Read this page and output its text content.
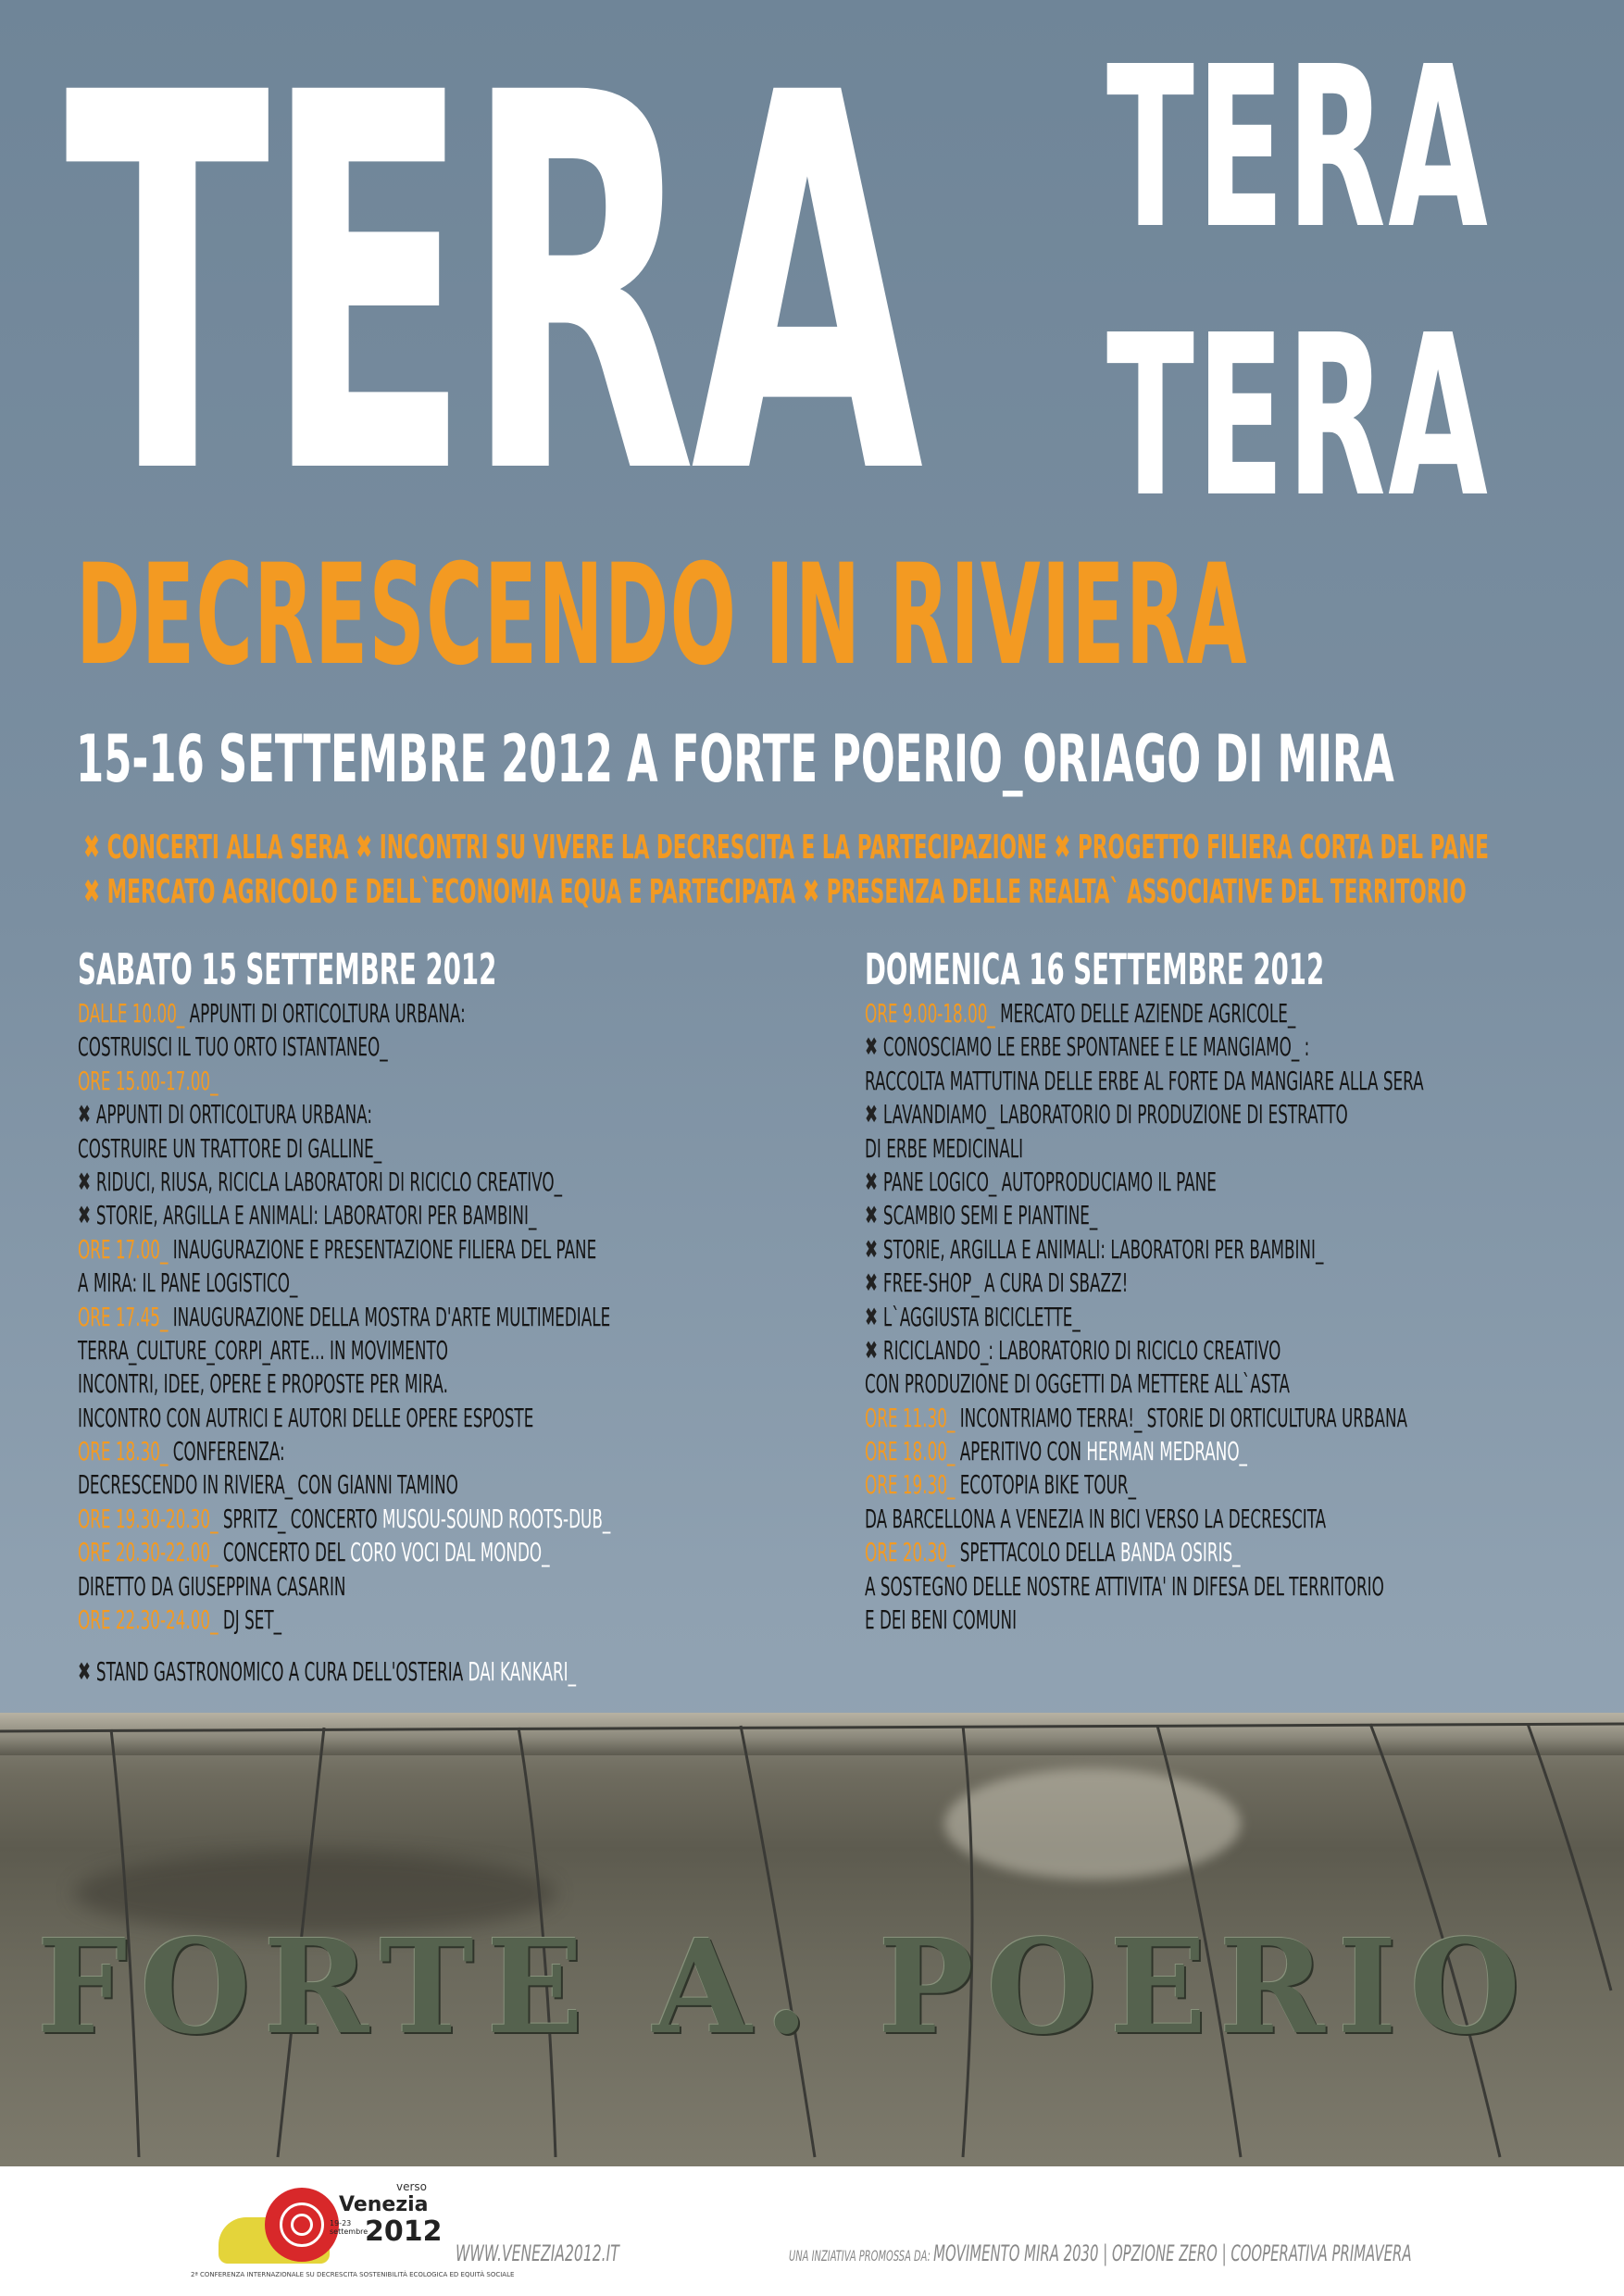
TERA TERA
TERA
DECRESCENDO IN RIVIERA
15-16 SETTEMBRE 2012 A FORTE POERIO_ORIAGO DI MIRA
✖ CONCERTI ALLA SERA ✖ INCONTRI SU VIVERE LA DECRESCITA E LA PARTECIPAZIONE ✖ PROGETTO FILIERA CORTA DEL PANE
✖ MERCATO AGRICOLO E DELL`ECONOMIA EQUA E PARTECIPATA ✖ PRESENZA DELLE REALTA` ASSOCIATIVE DEL TERRITORIO
SABATO 15 SETTEMBRE 2012
DALLE 10.00_ APPUNTI DI ORTICOLTURA URBANA:
COSTRUISCI IL TUO ORTO ISTANTANEO_
ORE 15.00-17.00_
✖ APPUNTI DI ORTICOLTURA URBANA:
COSTRUIRE UN TRATTORE DI GALLINE_
✖ RIDUCI, RIUSA, RICICLA LABORATORI DI RICICLO CREATIVO_
✖ STORIE, ARGILLA E ANIMALI: LABORATORI PER BAMBINI_
ORE 17.00_ INAUGURAZIONE E PRESENTAZIONE FILIERA DEL PANE
A MIRA: IL PANE LOGISTICO_
ORE 17.45_ INAUGURAZIONE DELLA MOSTRA D'ARTE MULTIMEDIALE
TERRA_CULTURE_CORPI_ARTE... IN MOVIMENTO
INCONTRI, IDEE, OPERE E PROPOSTE PER MIRA.
INCONTRO CON AUTRICI E AUTORI DELLE OPERE ESPOSTE
ORE 18.30_ CONFERENZA:
DECRESCENDO IN RIVIERA_ CON GIANNI TAMINO
ORE 19.30-20.30_ SPRITZ_ CONCERTO MUSOU-SOUND ROOTS-DUB_
ORE 20.30-22.00_ CONCERTO DEL CORO VOCI DAL MONDO_
DIRETTO DA GIUSEPPINA CASARIN
ORE 22.30-24.00_ DJ SET_
✖ STAND GASTRONOMICO A CURA DELL'OSTERIA DAI KANKARI_
DOMENICA 16 SETTEMBRE 2012
ORE 9.00-18.00_ MERCATO DELLE AZIENDE AGRICOLE_
✖ CONOSCIAMO LE ERBE SPONTANEE E LE MANGIAMO_ :
RACCOLTA MATTUTINA DELLE ERBE AL FORTE DA MANGIARE ALLA SERA
✖ LAVANDIAMO_ LABORATORIO DI PRODUZIONE DI ESTRATTO
DI ERBE MEDICINALI
✖ PANE LOGICO_ AUTOPRODUCIAMO IL PANE
✖ SCAMBIO SEMI E PIANTINE_
✖ STORIE, ARGILLA E ANIMALI: LABORATORI PER BAMBINI_
✖ FREE-SHOP_ A CURA DI SBAZZ!
✖ L`AGGIUSTA BICICLETTE_
✖ RICICLANDO_: LABORATORIO DI RICICLO CREATIVO
CON PRODUZIONE DI OGGETTI DA METTERE ALL`ASTA
ORE 11.30_ INCONTRIAMO TERRA!_ STORIE DI ORTICULTURA URBANA
ORE 18.00_ APERITIVO CON HERMAN MEDRANO_
ORE 19.30_ ECOTOPIA BIKE TOUR_
DA BARCELLONA A VENEZIA IN BICI VERSO LA DECRESCITA
ORE 20.30_ SPETTACOLO DELLA BANDA OSIRIS_
A SOSTEGNO DELLE NOSTRE ATTIVITA' IN DIFESA DEL TERRITORIO
E DEI BENI COMUNI
FORTE A. POERIO
verso
Venezia
2012
19-23 settembre
2ª CONFERENZA INTERNAZIONALE SU DECRESCITA SOSTENIBILITÀ ECOLOGICA ED EQUITÀ SOCIALE
WWW.VENEZIA2012.IT	UNA INZIATIVA PROMOSSA DA: MOVIMENTO MIRA 2030 | OPZIONE ZERO | COOPERATIVA PRIMAVERA
